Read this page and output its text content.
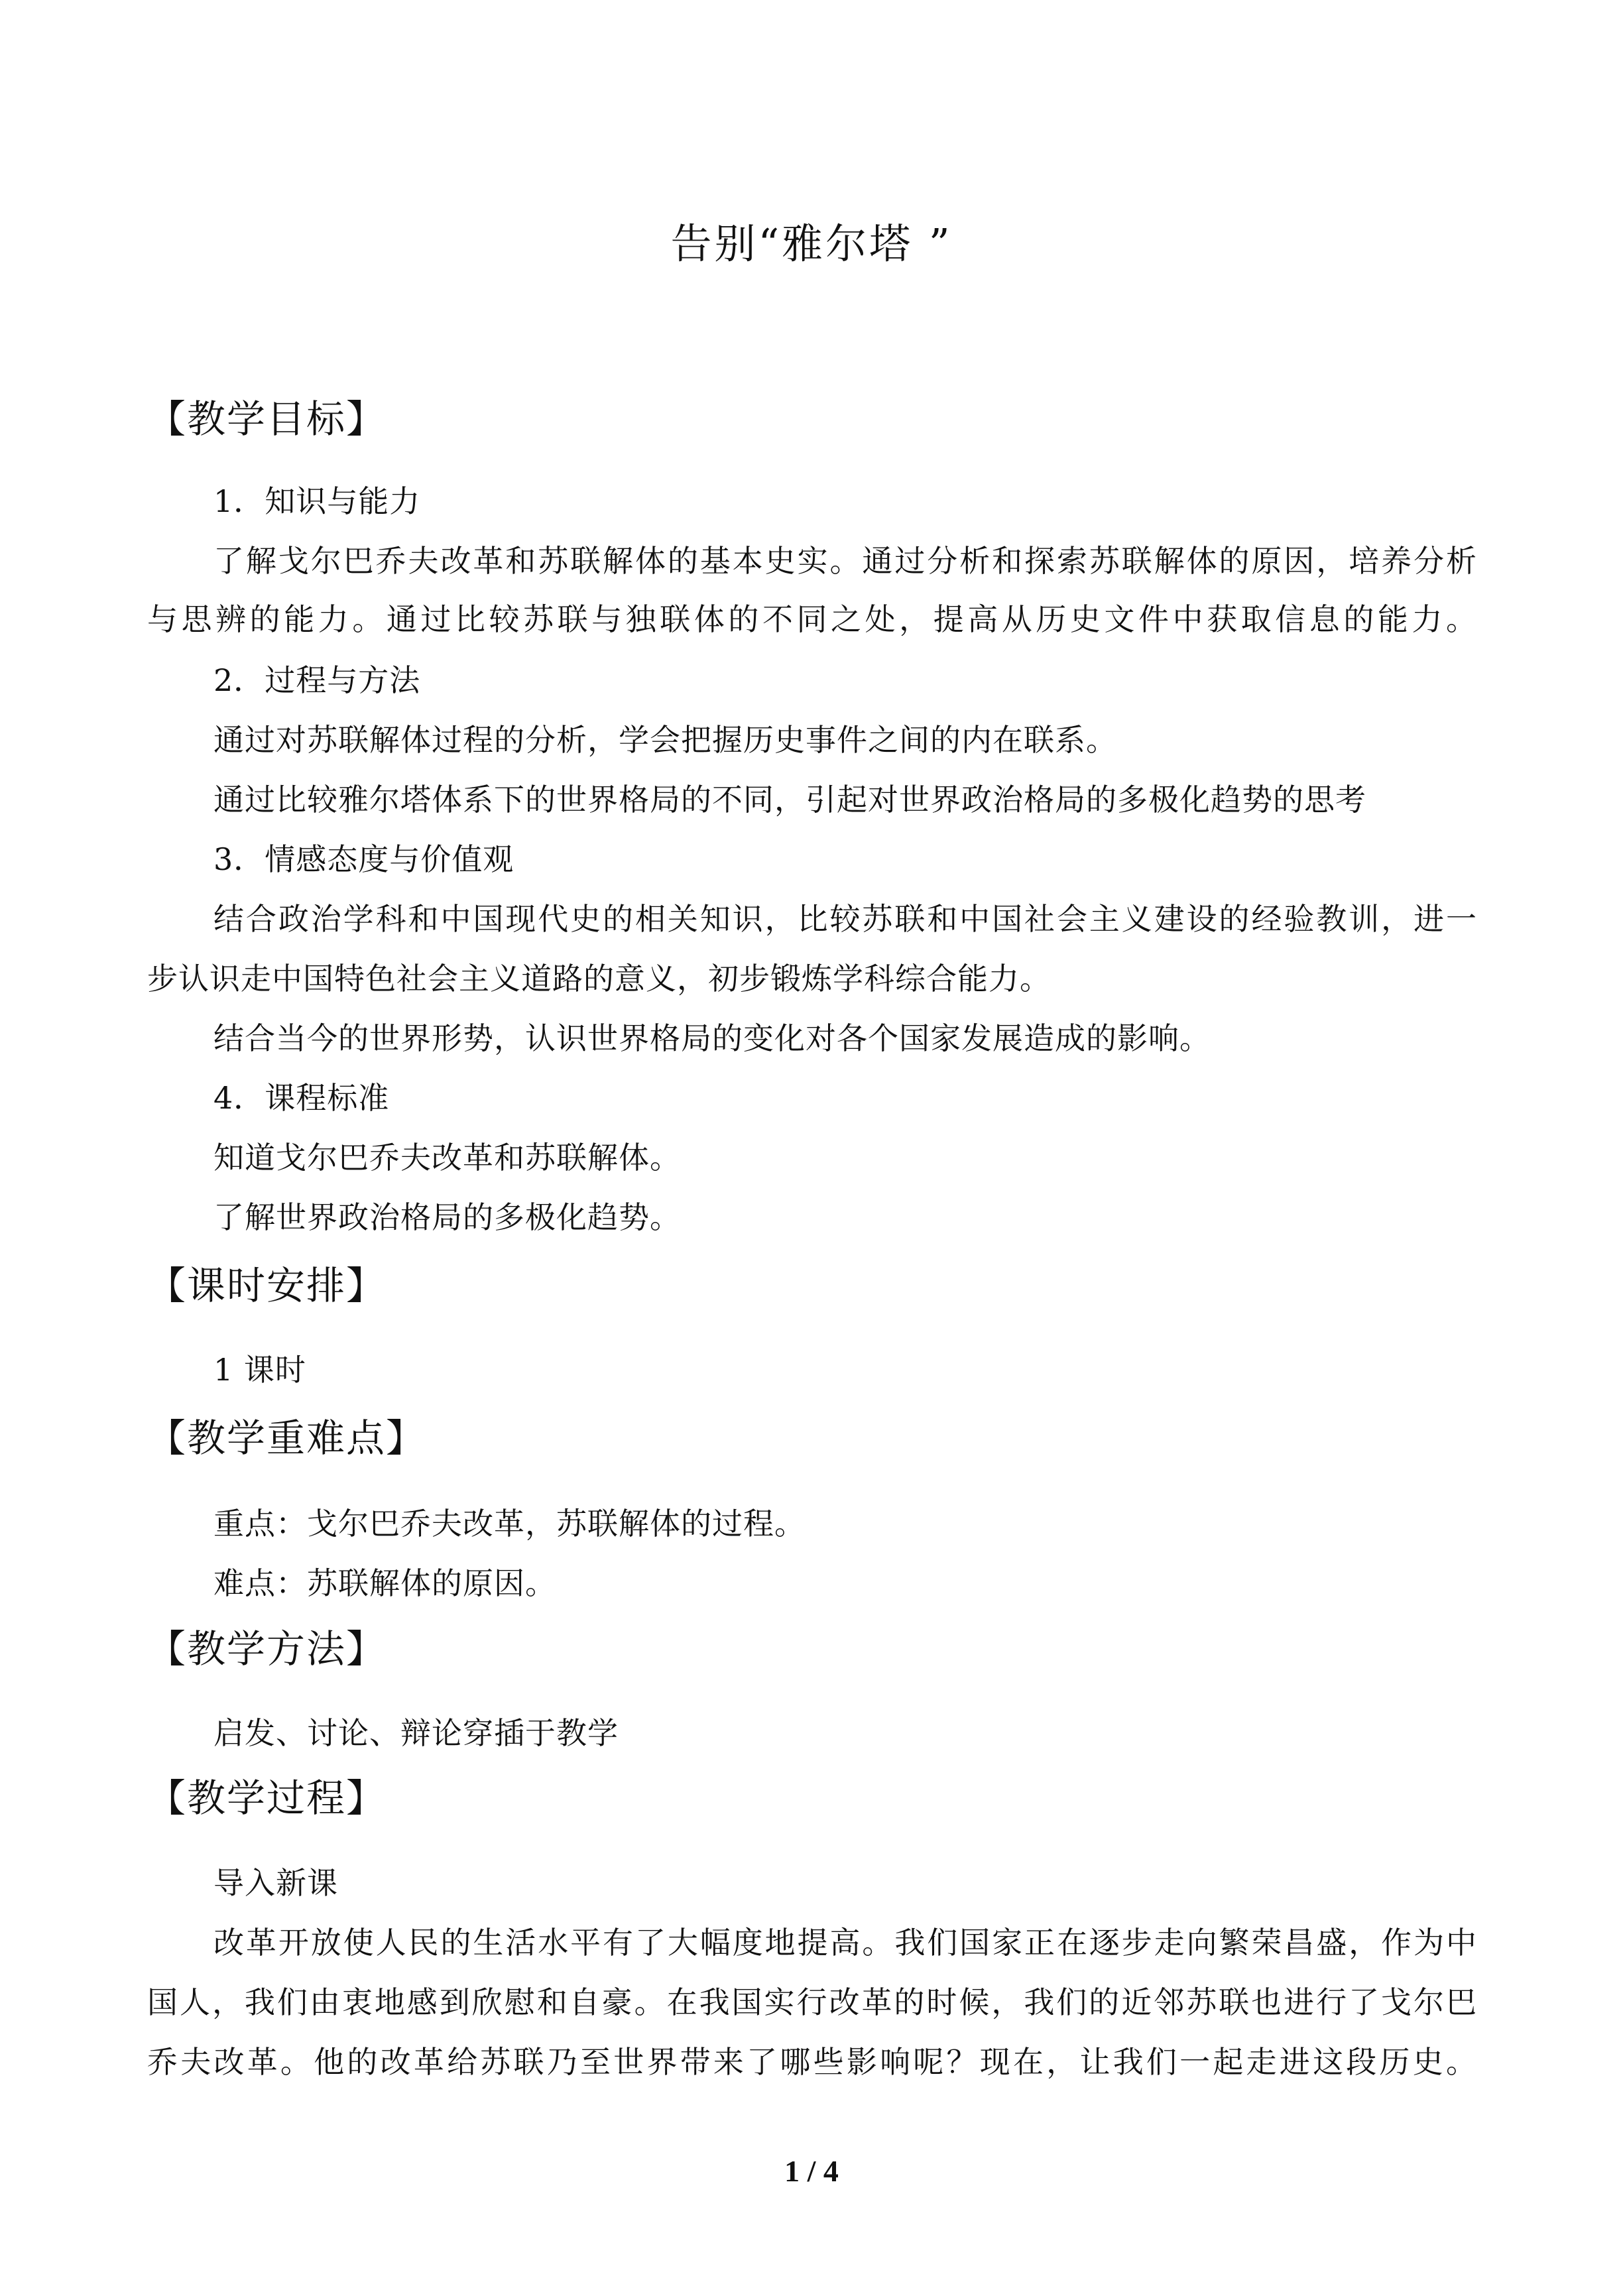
告别“雅尔塔 ”
【教学目标】
1．知识与能力
了解戈尔巴乔夫改革和苏联解体的基本史实。通过分析和探索苏联解体的原因，培养分析
与思辨的能力。通过比较苏联与独联体的不同之处，提高从历史文件中获取信息的能力。
2．过程与方法
通过对苏联解体过程的分析，学会把握历史事件之间的内在联系。
通过比较雅尔塔体系下的世界格局的不同，引起对世界政治格局的多极化趋势的思考
3．情感态度与价值观
结合政治学科和中国现代史的相关知识，比较苏联和中国社会主义建设的经验教训，进一
步认识走中国特色社会主义道路的意义，初步锻炼学科综合能力。
结合当今的世界形势，认识世界格局的变化对各个国家发展造成的影响。
4．课程标准
知道戈尔巴乔夫改革和苏联解体。
了解世界政治格局的多极化趋势。
【课时安排】
1 课时
【教学重难点】
重点：戈尔巴乔夫改革，苏联解体的过程。
难点：苏联解体的原因。
【教学方法】
启发、讨论、辩论穿插于教学
【教学过程】
导入新课
改革开放使人民的生活水平有了大幅度地提高。我们国家正在逐步走向繁荣昌盛，作为中
国人，我们由衷地感到欣慰和自豪。在我国实行改革的时候，我们的近邻苏联也进行了戈尔巴
乔夫改革。他的改革给苏联乃至世界带来了哪些影响呢？现在，让我们一起走进这段历史。
1 / 4
